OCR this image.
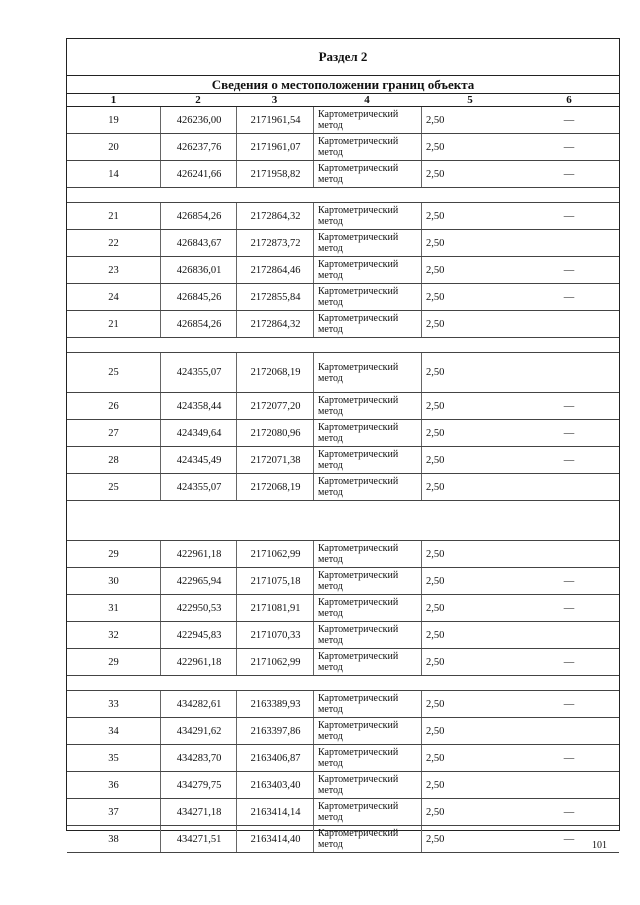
Раздел 2
Сведения о местоположении границ объекта
1	2	3	4	5	6
19	426236,00	2171961,54	Картометрический метод	2,50	—
20	426237,76	2171961,07	Картометрический метод	2,50	—
14	426241,66	2171958,82	Картометрический метод	2,50	—
21	426854,26	2172864,32	Картометрический метод	2,50	—
22	426843,67	2172873,72	Картометрический метод	2,50
23	426836,01	2172864,46	Картометрический метод	2,50	—
24	426845,26	2172855,84	Картометрический метод	2,50	—
21	426854,26	2172864,32	Картометрический метод	2,50
25	424355,07	2172068,19	Картометрический метод	2,50
26	424358,44	2172077,20	Картометрический метод	2,50	—
27	424349,64	2172080,96	Картометрический метод	2,50	—
28	424345,49	2172071,38	Картометрический метод	2,50	—
25	424355,07	2172068,19	Картометрический метод	2,50
29	422961,18	2171062,99	Картометрический метод	2,50
30	422965,94	2171075,18	Картометрический метод	2,50	—
31	422950,53	2171081,91	Картометрический метод	2,50	—
32	422945,83	2171070,33	Картометрический метод	2,50
29	422961,18	2171062,99	Картометрический метод	2,50	—
33	434282,61	2163389,93	Картометрический метод	2,50	—
34	434291,62	2163397,86	Картометрический метод	2,50
35	434283,70	2163406,87	Картометрический метод	2,50	—
36	434279,75	2163403,40	Картометрический метод	2,50
37	434271,18	2163414,14	Картометрический метод	2,50	—
38	434271,51	2163414,40	Картометрический метод	2,50	—
101
